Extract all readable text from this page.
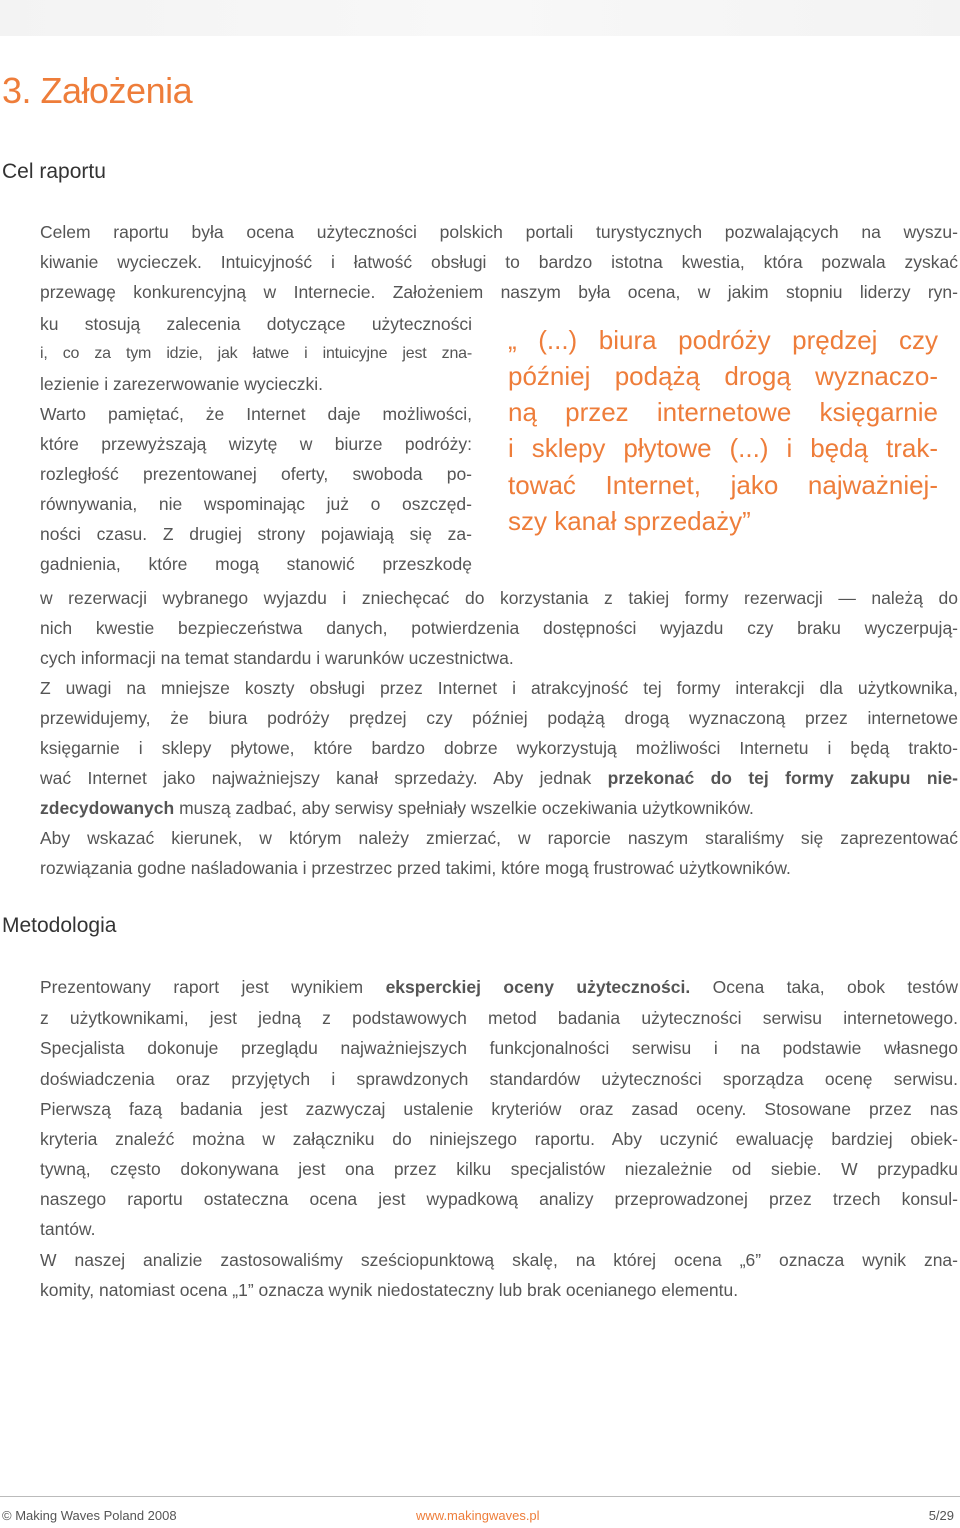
3. Założenia
Cel raportu
Celem raportu była ocena użyteczności polskich portali turystycznych pozwalających na wyszu-
kiwanie wycieczek. Intuicyjność i łatwość obsługi to bardzo istotna kwestia, która pozwala zyskać
przewagę konkurencyjną w Internecie. Założeniem naszym była ocena, w jakim stopniu liderzy ryn-
ku stosują zalecenia dotyczące użyteczności
i, co za tym idzie, jak łatwe i intuicyjne jest zna-
lezienie i zarezerwowanie wycieczki.
Warto pamiętać, że Internet daje możliwości,
które przewyższają wizytę w biurze podróży:
rozległość prezentowanej oferty, swoboda po-
równywania, nie wspominając już o oszczęd-
ności czasu. Z drugiej strony pojawiają się za-
gadnienia, które mogą stanowić przeszkodę
w rezerwacji wybranego wyjazdu i zniechęcać do korzystania z takiej formy rezerwacji — należą do
nich kwestie bezpieczeństwa danych, potwierdzenia dostępności wyjazdu czy braku wyczerpują-
cych informacji na temat standardu i warunków uczestnictwa.
Z uwagi na mniejsze koszty obsługi przez Internet i atrakcyjność tej formy interakcji dla użytkownika,
przewidujemy, że biura podróży prędzej czy później podążą drogą wyznaczoną przez internetowe
księgarnie i sklepy płytowe, które bardzo dobrze wykorzystują możliwości Internetu i będą trakto-
wać Internet jako najważniejszy kanał sprzedaży. Aby jednak przekonać do tej formy zakupu nie-
zdecydowanych muszą zadbać, aby serwisy spełniały wszelkie oczekiwania użytkowników.
Aby wskazać kierunek, w którym należy zmierzać, w raporcie naszym staraliśmy się zaprezentować
rozwiązania godne naśladowania i przestrzec przed takimi, które mogą frustrować użytkowników.
„ (...) biura podróży prędzej czy
później podążą drogą wyznaczo-
ną przez internetowe księgarnie
i sklepy płytowe (...) i będą trak-
tować Internet, jako najważniej-
szy kanał sprzedaży”
Metodologia
Prezentowany raport jest wynikiem eksperckiej oceny użyteczności. Ocena taka, obok testów
z użytkownikami, jest jedną z podstawowych metod badania użyteczności serwisu internetowego.
Specjalista dokonuje przeglądu najważniejszych funkcjonalności serwisu i na podstawie własnego
doświadczenia oraz przyjętych i sprawdzonych standardów użyteczności sporządza ocenę serwisu.
Pierwszą fazą badania jest zazwyczaj ustalenie kryteriów oraz zasad oceny. Stosowane przez nas
kryteria znaleźć można w załączniku do niniejszego raportu. Aby uczynić ewaluację bardziej obiek-
tywną, często dokonywana jest ona przez kilku specjalistów niezależnie od siebie. W przypadku
naszego raportu ostateczna ocena jest wypadkową analizy przeprowadzonej przez trzech konsul-
tantów.
W naszej analizie zastosowaliśmy sześciopunktową skalę, na której ocena „6” oznacza wynik zna-
komity, natomiast ocena „1” oznacza wynik niedostateczny lub brak ocenianego elementu.
© Making Waves Poland 2008	www.makingwaves.pl	5/29
